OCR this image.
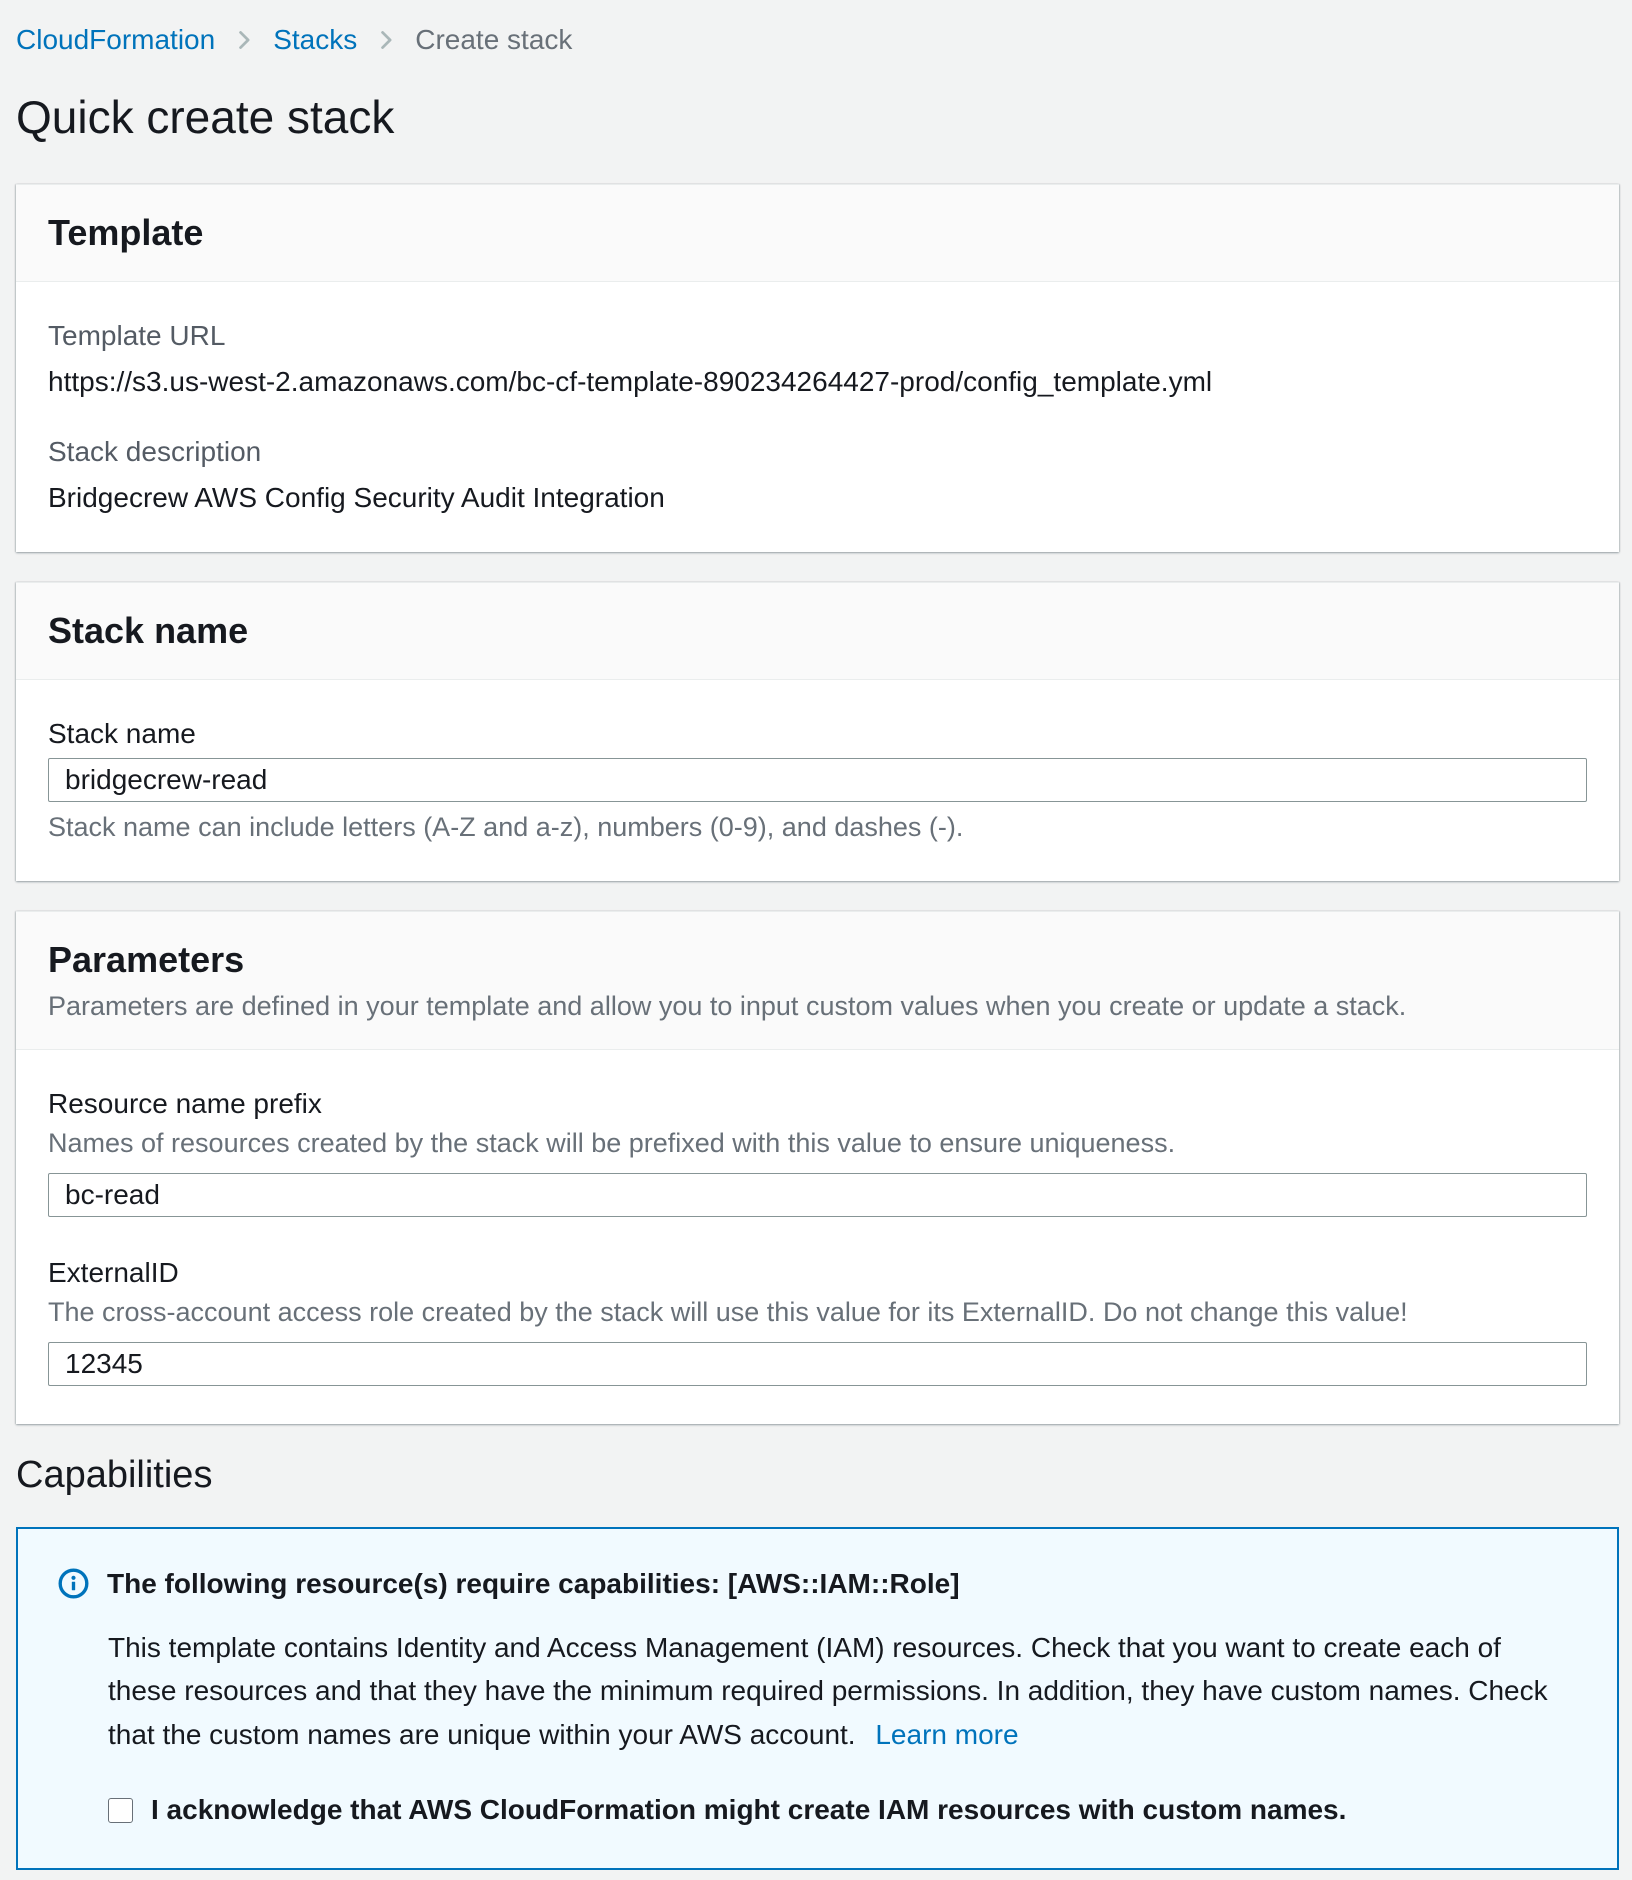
CloudFormation Stacks Create stack
Quick create stack
Template
Template URL
https://s3.us-west-2.amazonaws.com/bc-cf-template-890234264427-prod/config_template.yml
Stack description
Bridgecrew AWS Config Security Audit Integration
Stack name
Stack name
bridgecrew-read
Stack name can include letters (A-Z and a-z), numbers (0-9), and dashes (-).
Parameters
Parameters are defined in your template and allow you to input custom values when you create or update a stack.
Resource name prefix
Names of resources created by the stack will be prefixed with this value to ensure uniqueness.
bc-read
ExternalID
The cross-account access role created by the stack will use this value for its ExternalID. Do not change this value!
12345
Capabilities
The following resource(s) require capabilities: [AWS::IAM::Role]
This template contains Identity and Access Management (IAM) resources. Check that you want to create each of these resources and that they have the minimum required permissions. In addition, they have custom names. Check that the custom names are unique within your AWS account. Learn more
I acknowledge that AWS CloudFormation might create IAM resources with custom names.
